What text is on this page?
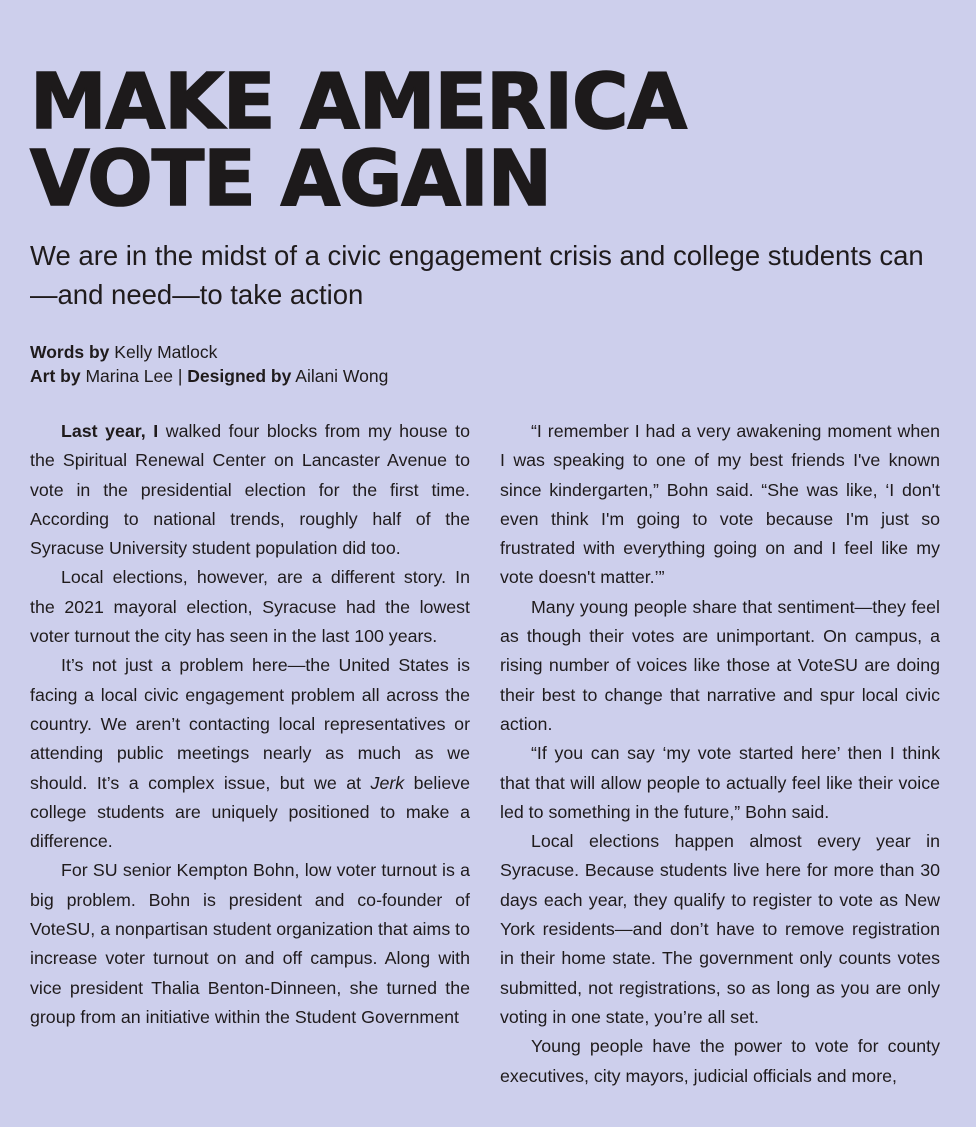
MAKE AMERICA
VOTE AGAIN

We are in the midst of a civic engagement crisis and college students can—and need—to take action

Words by Kelly Matlock
Art by Marina Lee | Designed by Ailani Wong

Last year, I walked four blocks from my house to the Spiritual Renewal Center on Lancaster Avenue to vote in the presidential election for the first time. According to national trends, roughly half of the Syracuse University student population did too.

Local elections, however, are a different story. In the 2021 mayoral election, Syracuse had the lowest voter turnout the city has seen in the last 100 years.

It’s not just a problem here—the United States is facing a local civic engagement problem all across the country. We aren’t contacting local representatives or attending public meetings nearly as much as we should. It’s a complex issue, but we at Jerk believe college students are uniquely positioned to make a difference.

For SU senior Kempton Bohn, low voter turnout is a big problem. Bohn is president and co-founder of VoteSU, a nonpartisan student organization that aims to increase voter turnout on and off campus. Along with vice president Thalia Benton-Dinneen, she turned the group from an initiative within the Student Government

“I remember I had a very awakening moment when I was speaking to one of my best friends I've known since kindergarten,” Bohn said. “She was like, ‘I don't even think I'm going to vote because I'm just so frustrated with everything going on and I feel like my vote doesn't matter.’”

Many young people share that sentiment—they feel as though their votes are unimportant. On campus, a rising number of voices like those at VoteSU are doing their best to change that narrative and spur local civic action.

“If you can say ‘my vote started here’ then I think that that will allow people to actually feel like their voice led to something in the future,” Bohn said.

Local elections happen almost every year in Syracuse. Because students live here for more than 30 days each year, they qualify to register to vote as New York residents—and don’t have to remove registration in their home state. The government only counts votes submitted, not registrations, so as long as you are only voting in one state, you’re all set.

Young people have the power to vote for county executives, city mayors, judicial officials and more,
